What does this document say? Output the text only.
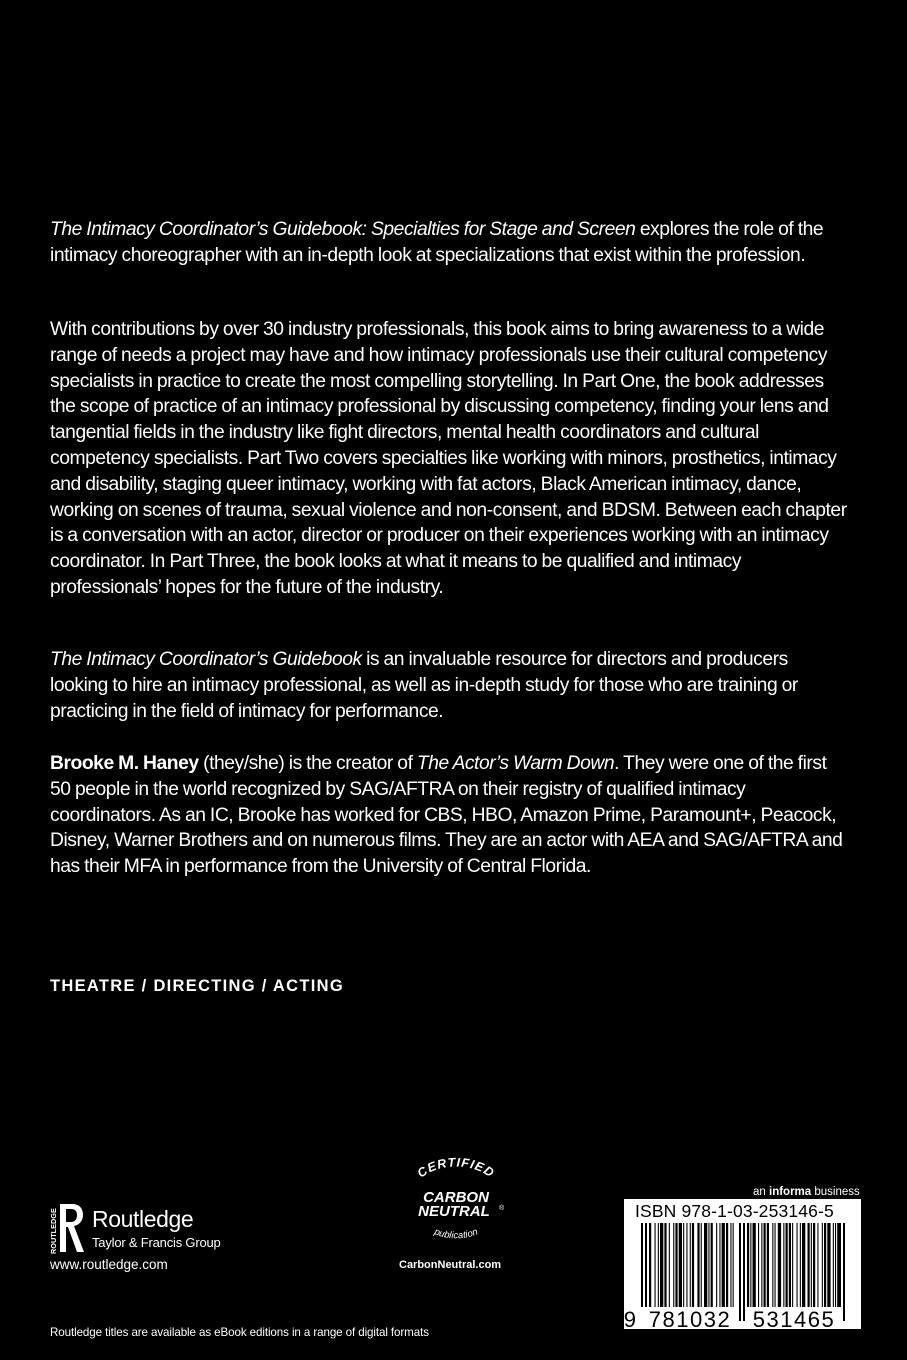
The Intimacy Coordinator’s Guidebook: Specialties for Stage and Screen explores the role of the intimacy choreographer with an in-depth look at specializations that exist within the profession.

With contributions by over 30 industry professionals, this book aims to bring awareness to a wide range of needs a project may have and how intimacy professionals use their cultural competency specialists in practice to create the most compelling storytelling. In Part One, the book addresses the scope of practice of an intimacy professional by discussing competency, finding your lens and tangential fields in the industry like fight directors, mental health coordinators and cultural competency specialists. Part Two covers specialties like working with minors, prosthetics, intimacy and disability, staging queer intimacy, working with fat actors, Black American intimacy, dance, working on scenes of trauma, sexual violence and non-consent, and BDSM. Between each chapter is a conversation with an actor, director or producer on their experiences working with an intimacy coordinator. In Part Three, the book looks at what it means to be qualified and intimacy professionals’ hopes for the future of the industry.

The Intimacy Coordinator’s Guidebook is an invaluable resource for directors and producers looking to hire an intimacy professional, as well as in-depth study for those who are training or practicing in the field of intimacy for performance.

Brooke M. Haney (they/she) is the creator of The Actor’s Warm Down. They were one of the first 50 people in the world recognized by SAG/AFTRA on their registry of qualified intimacy coordinators. As an IC, Brooke has worked for CBS, HBO, Amazon Prime, Paramount+, Peacock, Disney, Warner Brothers and on numerous films. They are an actor with AEA and SAG/AFTRA and has their MFA in performance from the University of Central Florida.

THEATRE / DIRECTING / ACTING
ROUTLEDGE Routledge
Taylor & Francis Group
www.routledge.com
CERTIFIED
CARBON
NEUTRAL ®
publication
CarbonNeutral.com
an informa business
ISBN 978-1-03-253146-5
9 781032 531465
Routledge titles are available as eBook editions in a range of digital formats
